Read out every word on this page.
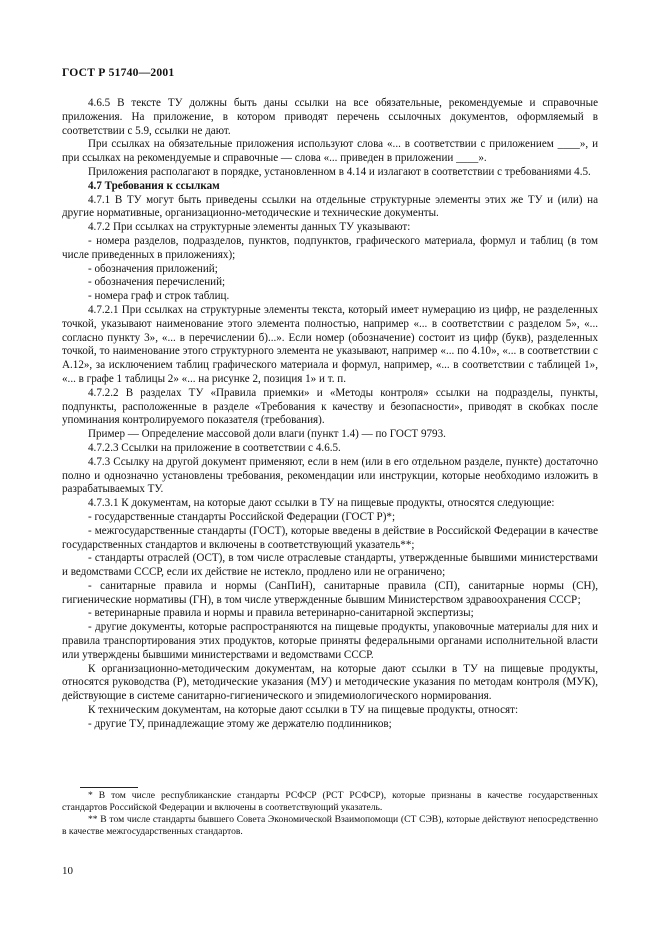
ГОСТ Р 51740—2001

4.6.5 В тексте ТУ должны быть даны ссылки на все обязательные, рекомендуемые и справочные приложения. На приложение, в котором приводят перечень ссылочных документов, оформляемый в соответствии с 5.9, ссылки не дают.

При ссылках на обязательные приложения используют слова «... в соответствии с приложением ____», и при ссылках на рекомендуемые и справочные — слова «... приведен в приложении ____».

Приложения располагают в порядке, установленном в 4.14 и излагают в соответствии с требованиями 4.5.

4.7 Требования к ссылкам

4.7.1 В ТУ могут быть приведены ссылки на отдельные структурные элементы этих же ТУ и (или) на другие нормативные, организационно-методические и технические документы.

4.7.2 При ссылках на структурные элементы данных ТУ указывают:

- номера разделов, подразделов, пунктов, подпунктов, графического материала, формул и таблиц (в том числе приведенных в приложениях);

- обозначения приложений;

- обозначения перечислений;

- номера граф и строк таблиц.

4.7.2.1 При ссылках на структурные элементы текста, который имеет нумерацию из цифр, не разделенных точкой, указывают наименование этого элемента полностью, например «... в соответствии с разделом 5», «... согласно пункту 3», «... в перечислении б)...». Если номер (обозначение) состоит из цифр (букв), разделенных точкой, то наименование этого структурного элемента не указывают, например «... по 4.10», «... в соответствии с А.12», за исключением таблиц графического материала и формул, например, «... в соответствии с таблицей 1», «... в графе 1 таблицы 2» «... на рисунке 2, позиция 1» и т. п.

4.7.2.2 В разделах ТУ «Правила приемки» и «Методы контроля» ссылки на подразделы, пункты, подпункты, расположенные в разделе «Требования к качеству и безопасности», приводят в скобках после упоминания контролируемого показателя (требования).

Пример — Определение массовой доли влаги (пункт 1.4) — по ГОСТ 9793.

4.7.2.3 Ссылки на приложение в соответствии с 4.6.5.

4.7.3 Ссылку на другой документ применяют, если в нем (или в его отдельном разделе, пункте) достаточно полно и однозначно установлены требования, рекомендации или инструкции, которые необходимо изложить в разрабатываемых ТУ.

4.7.3.1 К документам, на которые дают ссылки в ТУ на пищевые продукты, относятся следующие:

- государственные стандарты Российской Федерации (ГОСТ Р)*;

- межгосударственные стандарты (ГОСТ), которые введены в действие в Российской Федерации в качестве государственных стандартов и включены в соответствующий указатель**;

- стандарты отраслей (ОСТ), в том числе отраслевые стандарты, утвержденные бывшими министерствами и ведомствами СССР, если их действие не истекло, продлено или не ограничено;

- санитарные правила и нормы (СанПиН), санитарные правила (СП), санитарные нормы (СН), гигиенические нормативы (ГН), в том числе утвержденные бывшим Министерством здравоохранения СССР;

- ветеринарные правила и нормы и правила ветеринарно-санитарной экспертизы;

- другие документы, которые распространяются на пищевые продукты, упаковочные материалы для них и правила транспортирования этих продуктов, которые приняты федеральными органами исполнительной власти или утверждены бывшими министерствами и ведомствами СССР.

К организационно-методическим документам, на которые дают ссылки в ТУ на пищевые продукты, относятся руководства (Р), методические указания (МУ) и методические указания по методам контроля (МУК), действующие в системе санитарно-гигиенического и эпидемиологического нормирования.

К техническим документам, на которые дают ссылки в ТУ на пищевые продукты, относят:

- другие ТУ, принадлежащие этому же держателю подлинников;

* В том числе республиканские стандарты РСФСР (РСТ РСФСР), которые признаны в качестве государственных стандартов Российской Федерации и включены в соответствующий указатель.

** В том числе стандарты бывшего Совета Экономической Взаимопомощи (СТ СЭВ), которые действуют непосредственно в качестве межгосударственных стандартов.

10
